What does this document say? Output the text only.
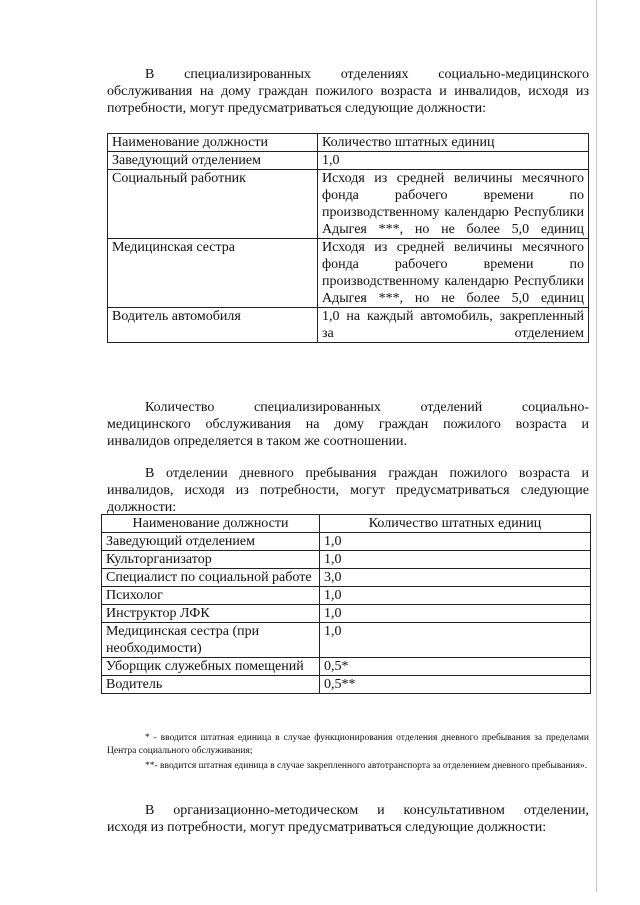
В специализированных отделениях социально-медицинского
обслуживания на дому граждан пожилого возраста и инвалидов, исходя из
потребности, могут предусматриваться следующие должности:
Наименование должности	Количество штатных единиц
Заведующий отделением	1,0
Социальный работник	Исходя из средней величины месячного фонда рабочего времени по производственному календарю Республики Адыгея ***, но не более 5,0 единиц
Медицинская сестра	Исходя из средней величины месячного фонда рабочего времени по производственному календарю Республики Адыгея ***, но не более 5,0 единиц
Водитель автомобиля	1,0 на каждый автомобиль, закрепленный за отделением
Количество специализированных отделений социально-
медицинского обслуживания на дому граждан пожилого возраста и
инвалидов определяется в таком же соотношении.
В отделении дневного пребывания граждан пожилого возраста и
инвалидов, исходя из потребности, могут предусматриваться следующие
должности:
Наименование должности	Количество штатных единиц
Заведующий отделением	1,0
Культорганизатор	1,0
Специалист по социальной работе	3,0
Психолог	1,0
Инструктор ЛФК	1,0
Медицинская сестра (при необходимости)	1,0
Уборщик служебных помещений	0,5*
Водитель	0,5**
* - вводится штатная единица в случае функционирования отделения дневного пребывания за пределами Центра социального обслуживания;
**- вводится штатная единица в случае закрепленного автотранспорта за отделением дневного пребывания».
В организационно-методическом и консультативном отделении,
исходя из потребности, могут предусматриваться следующие должности:
